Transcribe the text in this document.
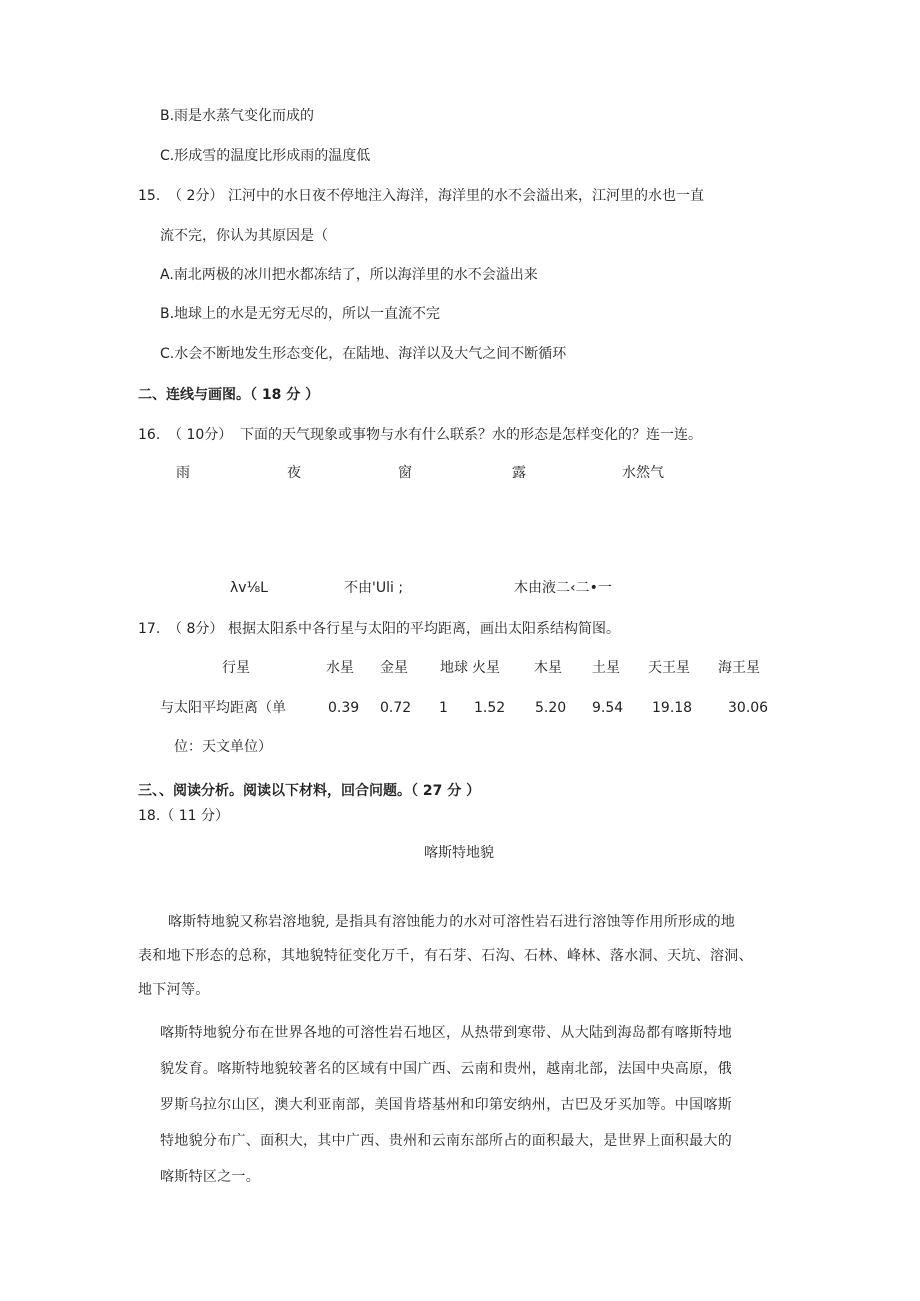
B.雨是水蒸气变化而成的
C.形成雪的温度比形成雨的温度低
15. （ 2分） 江河中的水日夜不停地注入海洋，海洋里的水不会溢出来，江河里的水也一直
流不完，你认为其原因是（
A.南北两极的冰川把水都冻结了，所以海洋里的水不会溢出来
B.地球上的水是无穷无尽的，所以一直流不完
C.水会不断地发生形态变化，在陆地、海洋以及大气之间不断循环
二、连线与画图。（ 18 分 ）
16. （ 10分） 下面的天气现象或事物与水有什么联系？水的形态是怎样变化的？连一连。
雨	夜	窗	露	水然气
λv⅛L	不由'Uli ;	木由液二‹二•一
17. （ 8分） 根据太阳系中各行星与太阳的平均距离，画出太阳系结构简图。
行星	水星 金星 地球 火星 木星 土星 天王星 海王星
与太阳平均距离（单	0.39 0.72 1 1.52 5.20 9.54 19.18	30.06
位：天文单位）
三、、阅读分析。阅读以下材料，回合问题。（ 27 分 ）
18.（ 11 分）
喀斯特地貌
喀斯特地貌又称岩溶地貌, 是指具有溶蚀能力的水对可溶性岩石进行溶蚀等作用所形成的地
表和地下形态的总称，其地貌特征变化万千，有石芽、石沟、石林、峰林、落水洞、天坑、溶洞、
地下河等。
喀斯特地貌分布在世界各地的可溶性岩石地区，从热带到寒带、从大陆到海岛都有喀斯特地
貌发育。喀斯特地貌较著名的区域有中国广西、云南和贵州，越南北部，法国中央高原，俄
罗斯乌拉尔山区，澳大利亚南部，美国肯塔基州和印第安纳州，古巴及牙买加等。中国喀斯
特地貌分布广、面积大，其中广西、贵州和云南东部所占的面积最大，是世界上面积最大的
喀斯特区之一。
